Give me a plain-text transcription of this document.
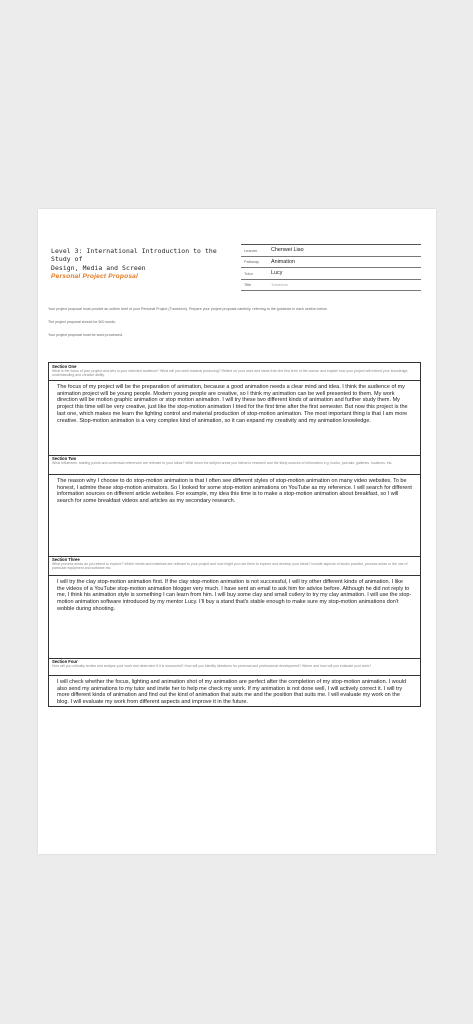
Level 3: International Introduction to the Study of
Design, Media and Screen
Personal Project Proposal
Learner	Chenwei Liao
Pathway	Animation
Tutor	Lucy
Title	Transform

Your project proposal must provide an outline brief of your Personal Project (Transform). Prepare your project proposal carefully, referring to the guidance in each section below.

The project proposal should be 500 words.

Your project proposal must be word processed.

Section One
What is the focus of your project and who is your intended audience? What will you work towards producing? Reflect on your work and ideas from the first term of the course and explain how your project will extend your knowledge, understanding and creative ability.
The focus of my project will be the preparation of animation, because a good animation needs a clear mind and idea. I think the audience of my animation project will be young people. Modern young people are creative, so I think my animation can be well presented to them. My work direction will be motion graphic animation or stop motion animation. I will try these two different kinds of animation and further study them. My project this time will be very creative, just like the stop-motion animation I tried for the first time after the first semester. But now this project is the last one, which makes me learn the lighting control and material production of stop-motion animation. The most important thing is that I am more creative. Stop-motion animation is a very complex kind of animation, so it can expand my creativity and my animation knowledge.
Section Two
What influences, starting points and contextual references are relevant to your ideas? Write down the subject areas you intend to research and the likely sources of information e.g. books, journals, galleries, locations, etc.
The reason why I choose to do stop-motion animation is that I often see different styles of stop-motion animation on many video websites. To be honest, I admire these stop-motion animators. So I looked for some stop-motion animations on YouTube as my reference. I will search for different information sources on different article websites. For example, my idea this time is to make a stop-motion animation about breakfast, so I will search for some breakfast videos and articles as my secondary research.
Section Three
What process areas do you intend to explore? Which media and materials are relevant to your project and how might you use them to explore and develop your ideas? Include aspects of studio practice, process areas or the use of particular equipment and software etc.
I will try the clay stop-motion animation first. If the clay stop-motion animation is not successful, I will try other different kinds of animation. I like the videos of a YouTube stop-motion animation blogger very much. I have sent an email to ask him for advice before. Although he did not reply to me, I think his animation style is something I can learn from him. I will buy some clay and small cutlery to try my clay animation. I will use the stop-motion animation software introduced by my mentor Lucy. I'll buy a stand that's stable enough to make sure my stop-motion animations don't wobble during shooting.
Section Four
How will you critically review and analyse your work and determine if it is successful? How will you identify directions for personal and professional development? Where and how will you evaluate your work?
I will check whether the focus, lighting and animation shot of my animation are perfect after the completion of my stop-motion animation. I would also send my animations to my tutor and invite her to help me check my work. If my animation is not done well, I will actively correct it. I will try more different kinds of animation and find out the kind of animation that suits me and the position that suits me. I will evaluate my work on the blog. I will evaluate my work from different aspects and improve it in the future.
